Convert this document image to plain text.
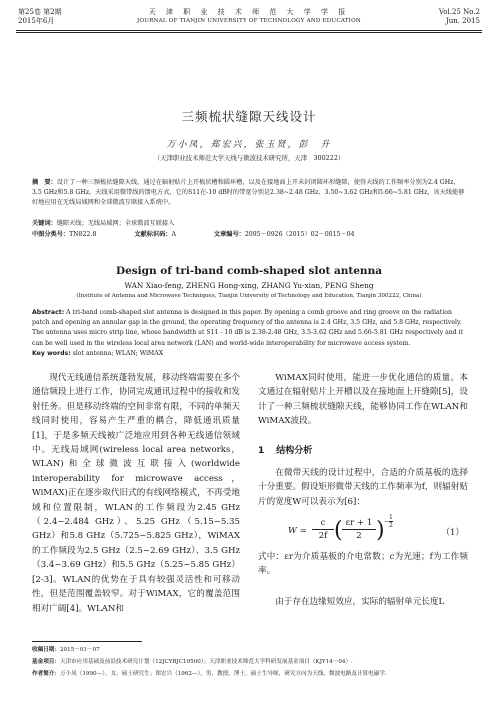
第25卷 第2期
2015年6月
天 津 职 业 技 术 师 范 大 学 学 报
JOURNAL OF TIANJIN UNIVERSITY OF TECHNOLOGY AND EDUCATION
Vol.25 No.2
Jun. 2015
三频梳状缝隙天线设计
万小凤，郑宏兴，张玉贤，彭　升
（天津职业技术师范大学天线与微波技术研究所，天津　300222）
摘　要：设计了一种三频梳状缝隙天线，通过在辐射贴片上开梳状槽和圆环槽，以及在接地面上开未封闭圆环形缝隙，使得天线的工作频率分别为2.4 GHz、3.5 GHz和5.8 GHz。天线采用微带线的馈电方式，它的S11在-10 dB时的带宽分别是2.38~2.48 GHz、3.50~3.62 GHz和5.66~5.81 GHz，该天线能够好地应用在无线局域网和全球微波互联接入系统中。
关键词：缝隙天线；无线局域网；全球微波互联接入
中图分类号：TN822.8	文献标识码：A	文章编号：2095－0926（2015）02－0015－04
Design of tri-band comb-shaped slot antenna
WAN Xiao-feng, ZHENG Hong-xing, ZHANG Yu-xian, PENG Sheng
(Institute of Antenna and Microwave Techniques, Tianjin University of Technology and Education, Tianjin 300222, China)
Abstract: A tri-band comb-shaped slot antenna is designed in this paper. By opening a comb groove and ring groove on the radiation patch and opening an annular gap in the ground, the operating frequency of the antenna is 2.4 GHz, 3.5 GHz, and 5.8 GHz, respectively. The antenna uses micro strip line, whose bandwidth at S11 - 10 dB is 2.38-2.48 GHz, 3.5-3.62 GHz and 5.66-5.81 GHz respectively and it can be well used in the wireless local area network (LAN) and world-wide interoperability for microwave access system.
Key words: slot antenna; WLAN; WiMAX
现代无线通信系统蓬勃发展，移动终端需要在多个通信频段上进行工作，协同完成通讯过程中的接收和发射任务。但是移动终端的空间非常有限，不同的单频天线同时使用，容易产生严重的耦合，降低通讯质量[1]，于是多频天线被广泛地应用到各种无线通信领域中。无线局域网(wireless local area networks，WLAN)和全球微波互联接入(worldwide interoperability for microwave access，WiMAX)正在逐步取代旧式的有线网络模式，不再受地域和位置限制，WLAN的工作频段为2.45 GHz（2.4~2.484 GHz）、5.25 GHz（5.15~5.35 GHz）和5.8 GHz（5.725~5.825 GHz），WiMAX的工作频段为2.5 GHz（2.5~2.69 GHz）、3.5 GHz（3.4~3.69 GHz）和5.5 GHz（5.25~5.85 GHz）[2-3]。WLAN的优势在于具有较强灵活性和可移动性，但是范围覆盖较窄。对于WiMAX，它的覆盖范围相对广阔[4]。WLAN和
WiMAX同时使用，能进一步优化通信的质量。本文通过在辐射贴片上开槽以及在接地面上开缝隙[5]，设计了一种三频梳状缝隙天线，能够协同工作在WLAN和WiMAX波段。
1 结构分析
在微带天线的设计过程中，合适的介质基板的选择十分重要。假设矩形微带天线的工作频率为f，则辐射贴片的宽度W可以表示为[6]：
W =
c
2f ( εr + 1
2 ) − $\frac{1}{2}$
（1）
式中：εr为介质基板的介电常数；c为光速；f为工作频率。
由于存在边缘短效应，实际的辐射单元长度L
收稿日期：2015－01－07
基金项目：天津市应用基础及前沿技术研究计划（12JCYBJC10500）；天津职业技术师范大学科研发展基金项目（KJY14－04）.
作者简介：万小凤（1990—），女，硕士研究生；郑宏兴（1962—），男，教授，博士，硕士生导师，研究方向为天线、微波电路及计算电磁学.
